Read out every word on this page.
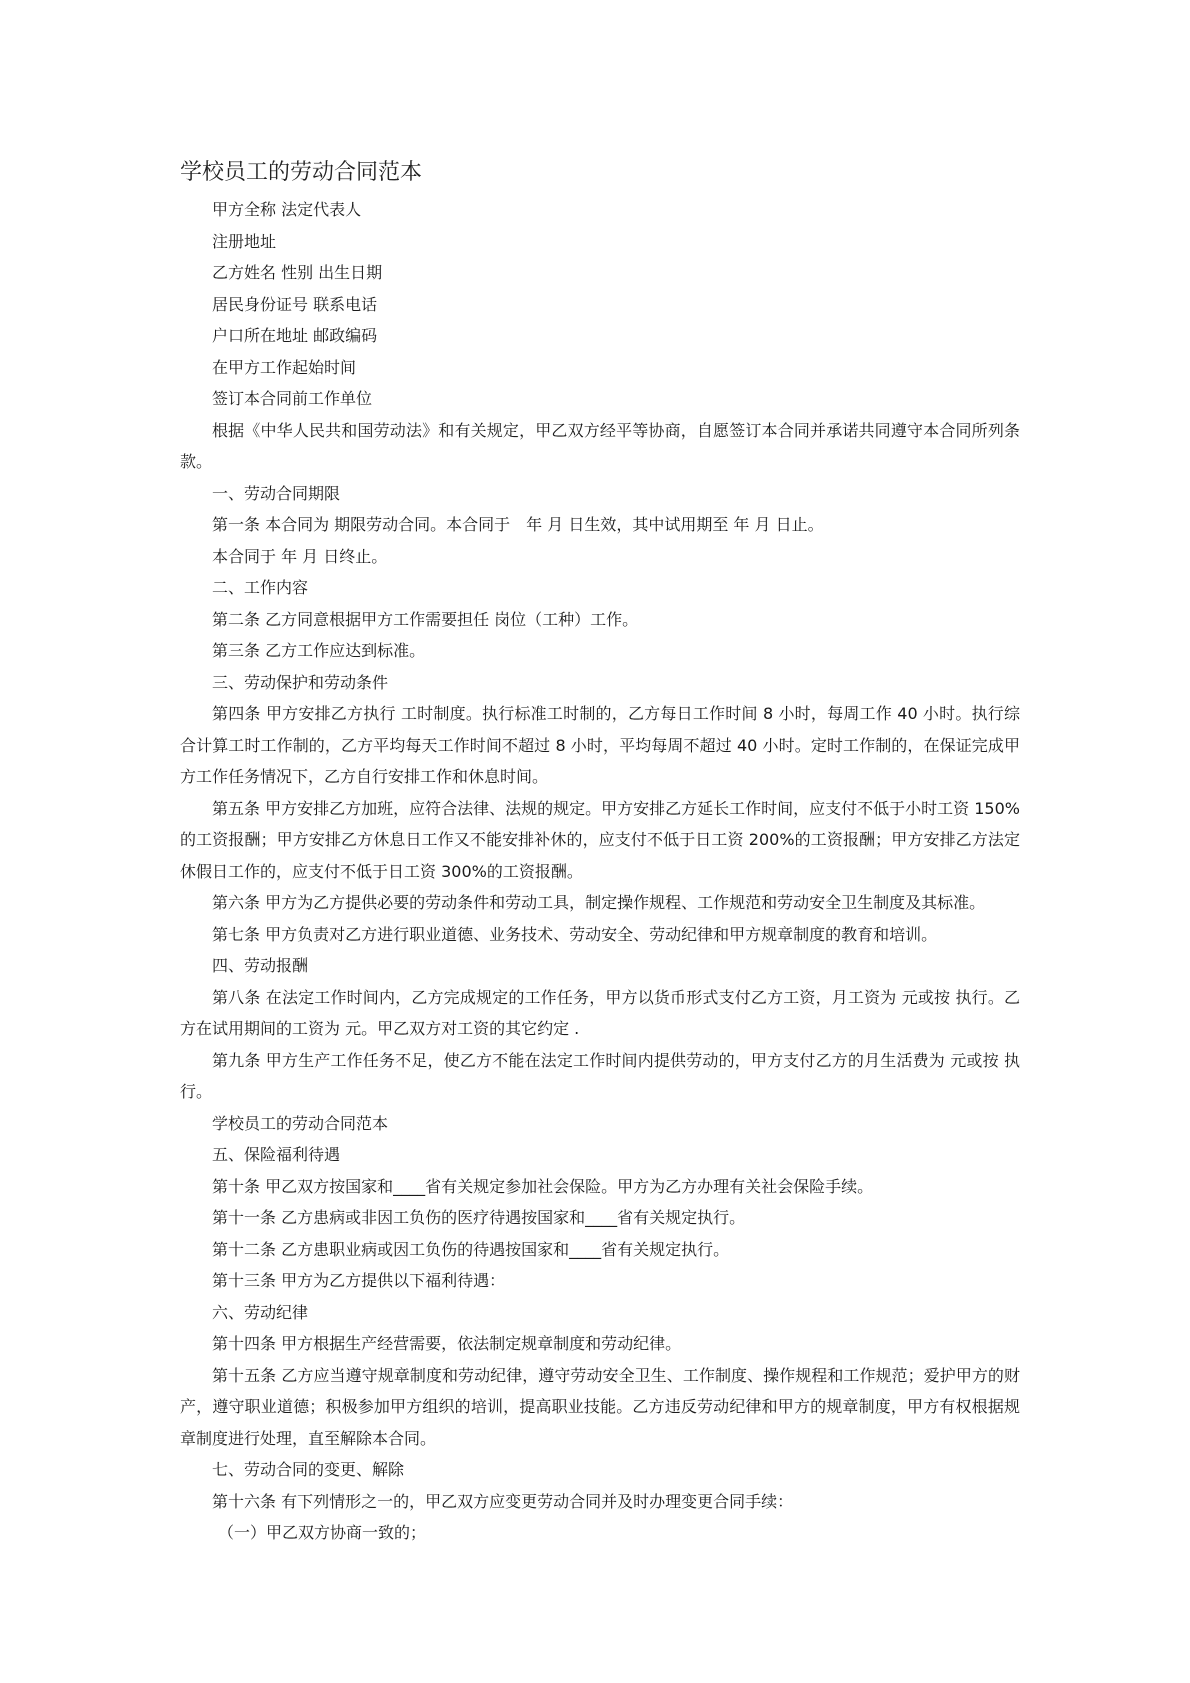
学校员工的劳动合同范本

甲方全称 法定代表人

注册地址

乙方姓名 性别 出生日期

居民身份证号 联系电话

户口所在地址 邮政编码

在甲方工作起始时间

签订本合同前工作单位

根据《中华人民共和国劳动法》和有关规定，甲乙双方经平等协商，自愿签订本合同并承诺共同遵守本合同所列条款。

一、劳动合同期限

第一条 本合同为 期限劳动合同。本合同于　年 月 日生效，其中试用期至 年 月 日止。

本合同于 年 月 日终止。

二、工作内容

第二条 乙方同意根据甲方工作需要担任 岗位（工种）工作。

第三条 乙方工作应达到标准。

三、劳动保护和劳动条件

第四条 甲方安排乙方执行 工时制度。执行标准工时制的，乙方每日工作时间 8 小时，每周工作 40 小时。执行综合计算工时工作制的，乙方平均每天工作时间不超过 8 小时，平均每周不超过 40 小时。定时工作制的，在保证完成甲方工作任务情况下，乙方自行安排工作和休息时间。

第五条 甲方安排乙方加班，应符合法律、法规的规定。甲方安排乙方延长工作时间，应支付不低于小时工资 150%的工资报酬；甲方安排乙方休息日工作又不能安排补休的，应支付不低于日工资 200%的工资报酬；甲方安排乙方法定休假日工作的，应支付不低于日工资 300%的工资报酬。

第六条 甲方为乙方提供必要的劳动条件和劳动工具，制定操作规程、工作规范和劳动安全卫生制度及其标准。

第七条 甲方负责对乙方进行职业道德、业务技术、劳动安全、劳动纪律和甲方规章制度的教育和培训。

四、劳动报酬

第八条 在法定工作时间内，乙方完成规定的工作任务，甲方以货币形式支付乙方工资，月工资为 元或按 执行。乙方在试用期间的工资为 元。甲乙双方对工资的其它约定 .

第九条 甲方生产工作任务不足，使乙方不能在法定工作时间内提供劳动的，甲方支付乙方的月生活费为 元或按 执行。

学校员工的劳动合同范本

五、保险福利待遇

第十条 甲乙双方按国家和____省有关规定参加社会保险。甲方为乙方办理有关社会保险手续。

第十一条 乙方患病或非因工负伤的医疗待遇按国家和____省有关规定执行。

第十二条 乙方患职业病或因工负伤的待遇按国家和____省有关规定执行。

第十三条 甲方为乙方提供以下福利待遇：

六、劳动纪律

第十四条 甲方根据生产经营需要，依法制定规章制度和劳动纪律。

第十五条 乙方应当遵守规章制度和劳动纪律，遵守劳动安全卫生、工作制度、操作规程和工作规范；爱护甲方的财产，遵守职业道德；积极参加甲方组织的培训，提高职业技能。乙方违反劳动纪律和甲方的规章制度，甲方有权根据规章制度进行处理，直至解除本合同。

七、劳动合同的变更、解除

第十六条 有下列情形之一的，甲乙双方应变更劳动合同并及时办理变更合同手续：

（一）甲乙双方协商一致的；
